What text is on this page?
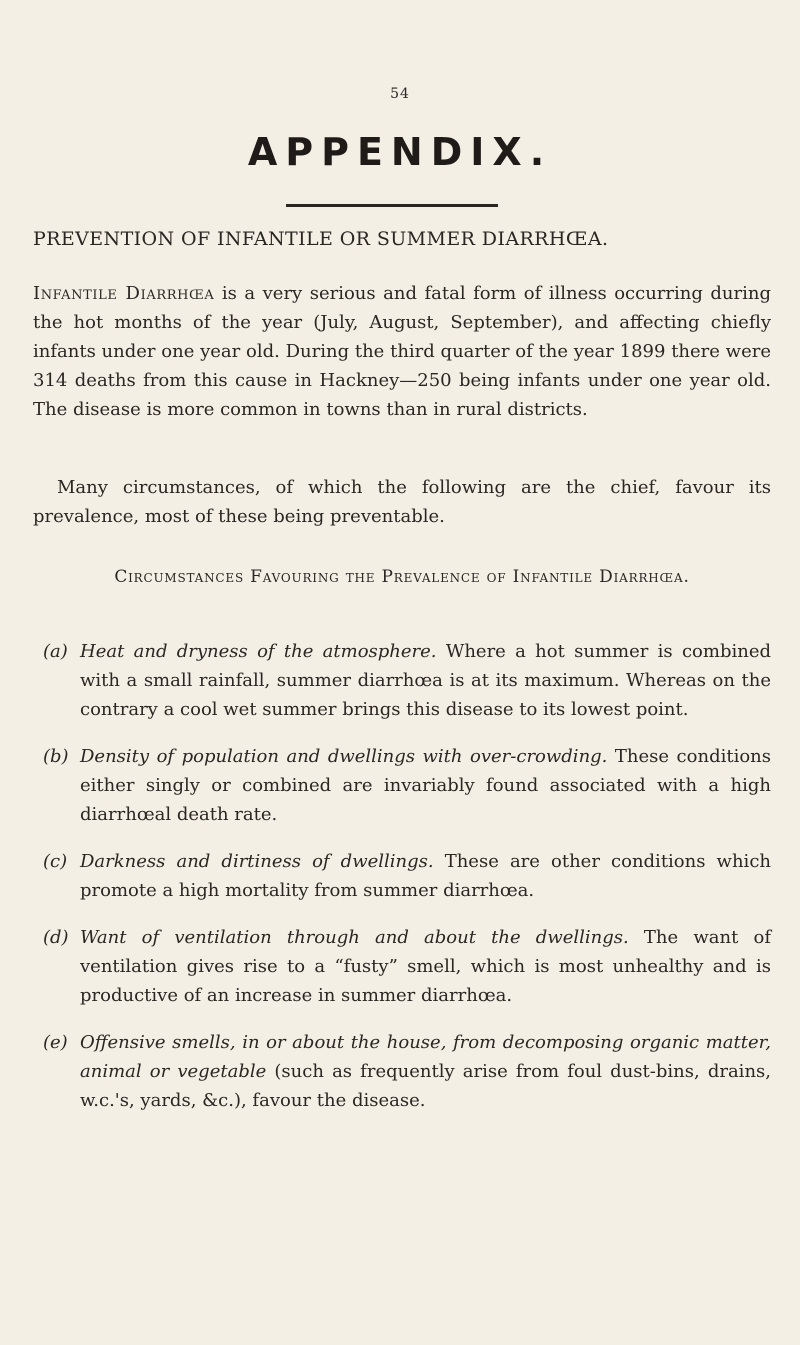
54
APPENDIX.
PREVENTION OF INFANTILE OR SUMMER DIARRHŒA.

Infantile Diarrhœa is a very serious and fatal form of illness occurring during the hot months of the year (July, August, September), and affecting chiefly infants under one year old. During the third quarter of the year 1899 there were 314 deaths from this cause in Hackney—250 being infants under one year old. The disease is more common in towns than in rural districts.

Many circumstances, of which the following are the chief, favour its prevalence, most of these being preventable.

Circumstances Favouring the Prevalence of Infantile Diarrhœa.
(a) Heat and dryness of the atmosphere. Where a hot summer is combined with a small rainfall, summer diarrhœa is at its maximum. Whereas on the contrary a cool wet summer brings this disease to its lowest point.
(b) Density of population and dwellings with over-crowding. These conditions either singly or combined are invariably found associated with a high diarrhœal death rate.
(c) Darkness and dirtiness of dwellings. These are other conditions which promote a high mortality from summer diarrhœa.
(d) Want of ventilation through and about the dwellings. The want of ventilation gives rise to a “fusty” smell, which is most unhealthy and is productive of an increase in summer diarrhœa.
(e) Offensive smells, in or about the house, from decomposing organic matter, animal or vegetable (such as frequently arise from foul dust-bins, drains, w.c.'s, yards, &c.), favour the disease.
